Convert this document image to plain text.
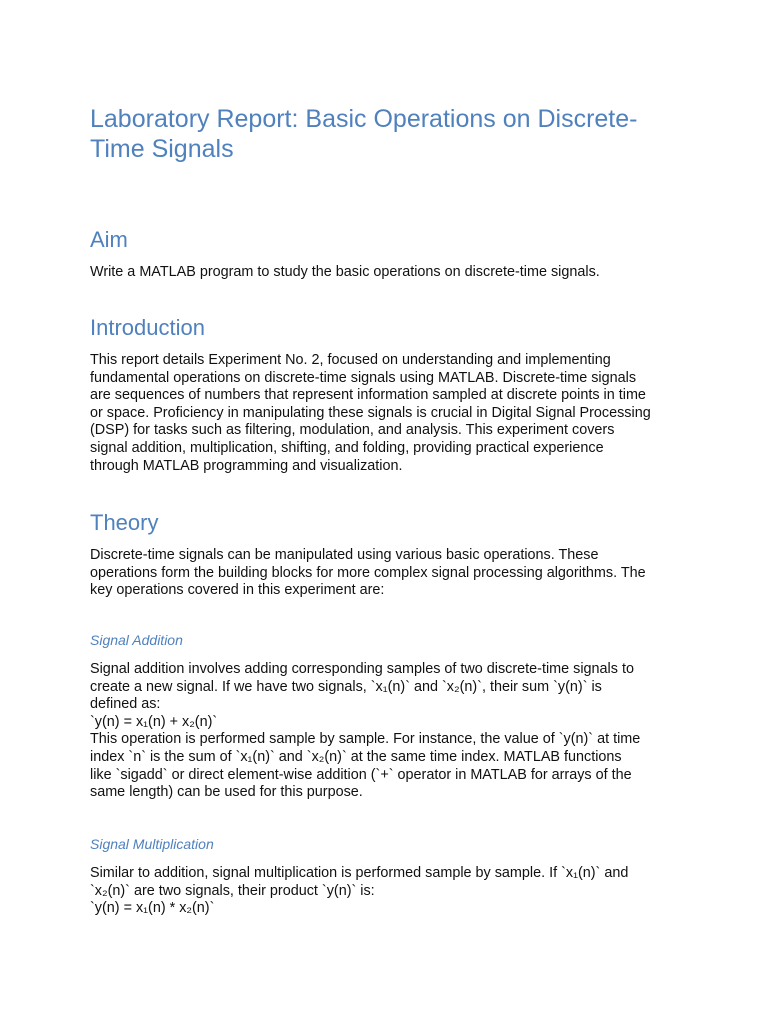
Laboratory Report: Basic Operations on Discrete-Time Signals
Aim

Write a MATLAB program to study the basic operations on discrete-time signals.

Introduction

This report details Experiment No. 2, focused on understanding and implementing
fundamental operations on discrete-time signals using MATLAB. Discrete-time signals
are sequences of numbers that represent information sampled at discrete points in time
or space. Proficiency in manipulating these signals is crucial in Digital Signal Processing
(DSP) for tasks such as filtering, modulation, and analysis. This experiment covers
signal addition, multiplication, shifting, and folding, providing practical experience
through MATLAB programming and visualization.

Theory

Discrete-time signals can be manipulated using various basic operations. These
operations form the building blocks for more complex signal processing algorithms. The
key operations covered in this experiment are:

Signal Addition

Signal addition involves adding corresponding samples of two discrete-time signals to
create a new signal. If we have two signals, `x₁(n)` and `x₂(n)`, their sum `y(n)` is
defined as:
`y(n) = x₁(n) + x₂(n)`
This operation is performed sample by sample. For instance, the value of `y(n)` at time
index `n` is the sum of `x₁(n)` and `x₂(n)` at the same time index. MATLAB functions
like `sigadd` or direct element-wise addition (`+` operator in MATLAB for arrays of the
same length) can be used for this purpose.

Signal Multiplication

Similar to addition, signal multiplication is performed sample by sample. If `x₁(n)` and
`x₂(n)` are two signals, their product `y(n)` is:
`y(n) = x₁(n) * x₂(n)`
